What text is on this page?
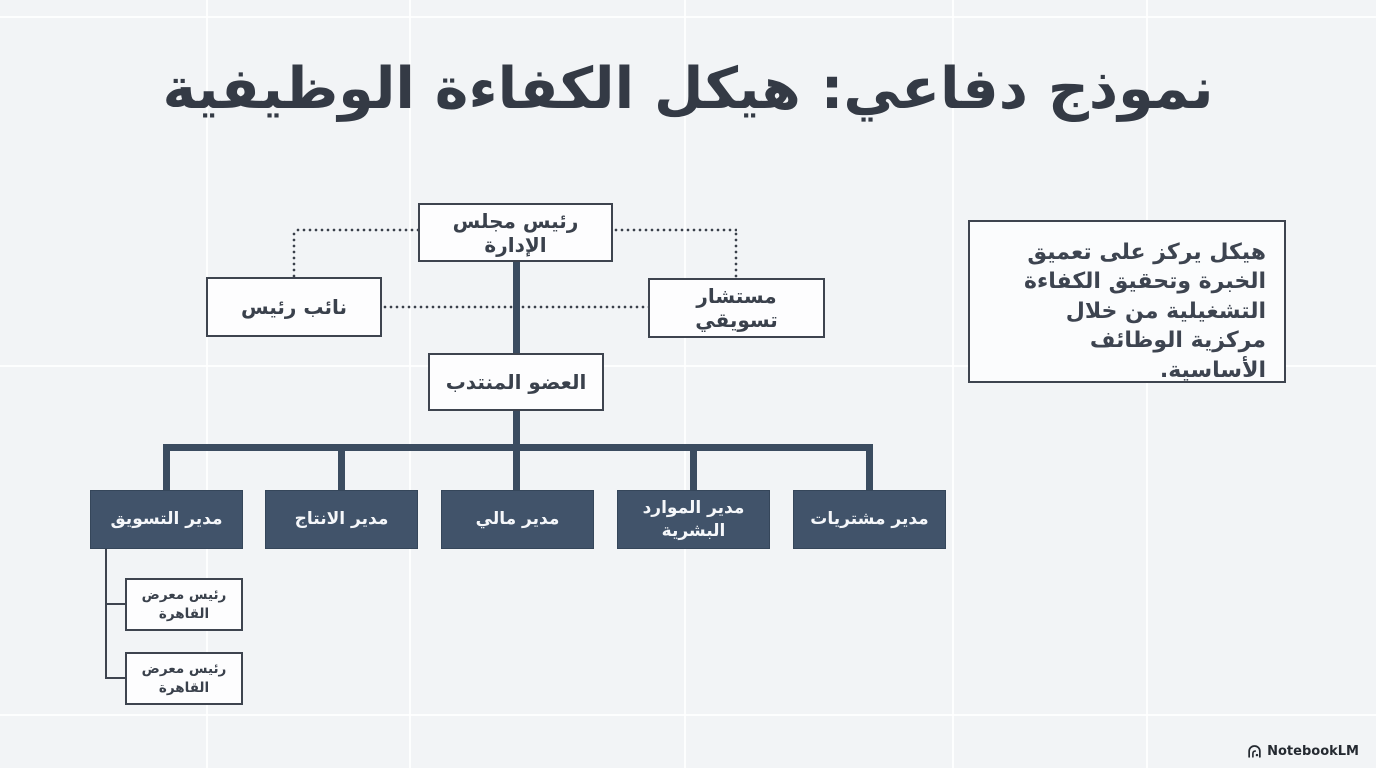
نموذج دفاعي: هيكل الكفاءة الوظيفية
رئيس مجلس الإدارة
نائب رئيس	مستشار تسويقي
العضو المنتدب
مدير التسويق	مدير الانتاج	مدير مالي
مدير الموارد البشرية
مدير مشتريات
رئيس معرض القاهرة
رئيس معرض القاهرة
هيكل يركز على تعميق الخبرة وتحقيق الكفاءة التشغيلية من خلال مركزية الوظائف الأساسية.
NotebookLM
